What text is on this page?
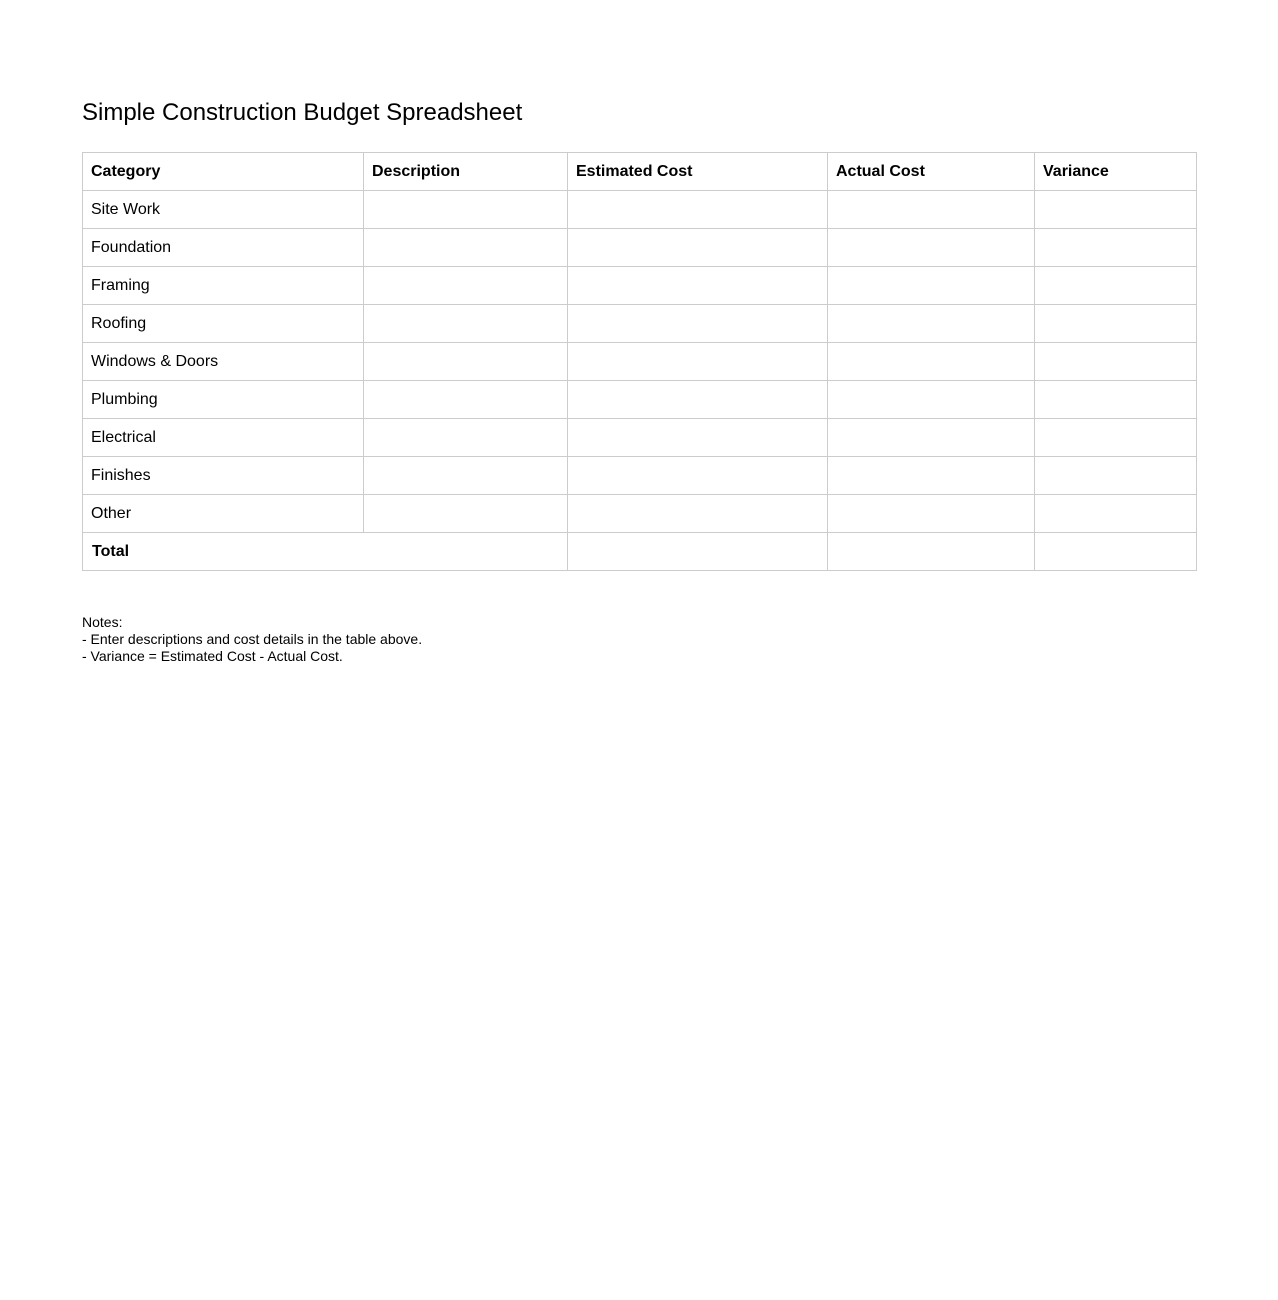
Simple Construction Budget Spreadsheet
Category	Description	Estimated Cost	Actual Cost	Variance
Site Work				
Foundation				
Framing				
Roofing				
Windows & Doors				
Plumbing				
Electrical				
Finishes				
Other				
Total				
Notes:
- Enter descriptions and cost details in the table above.
- Variance = Estimated Cost - Actual Cost.
